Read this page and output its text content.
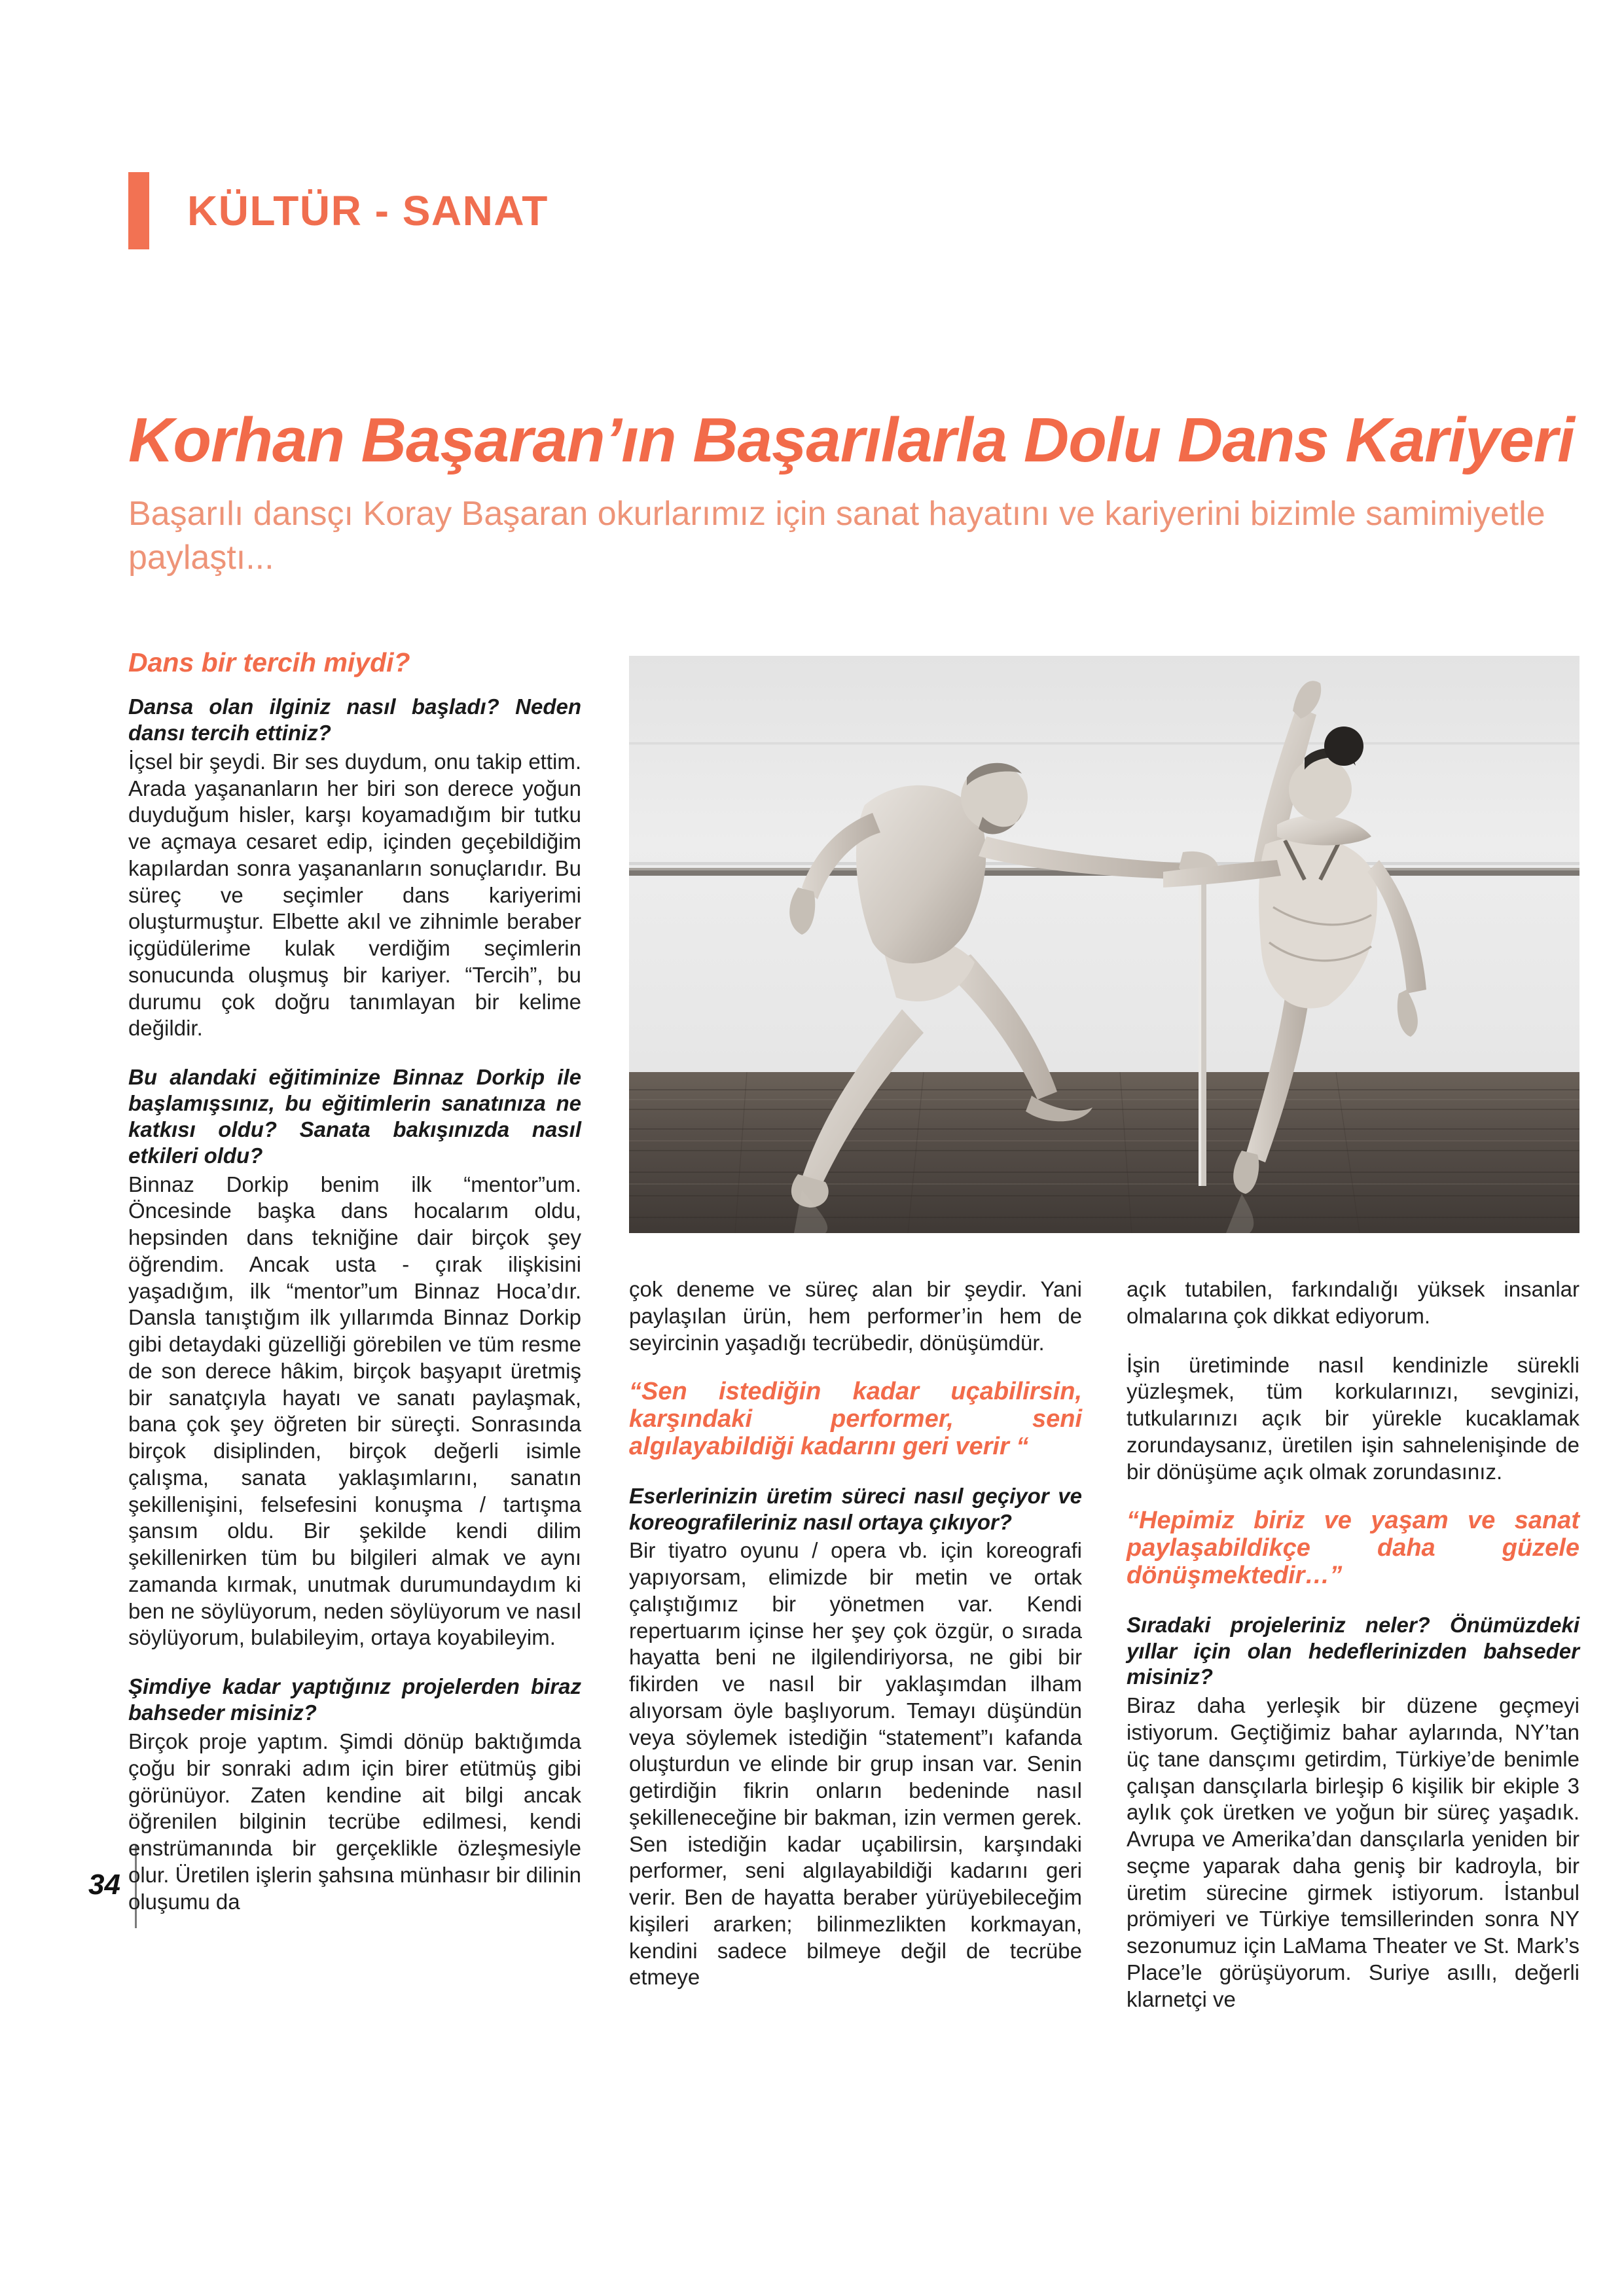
KÜLTÜR - SANAT
Korhan Başaran’ın Başarılarla Dolu Dans Kariyeri

Başarılı dansçı Koray Başaran okurlarımız için sanat hayatını ve kariyerini bizimle samimiyetle paylaştı...

34
Dans bir tercih miydi?

Dansa olan ilginiz nasıl başladı? Neden dansı tercih ettiniz?

İçsel bir şeydi. Bir ses duydum, onu takip ettim. Arada yaşananların her biri son derece yoğun duyduğum hisler, karşı koyamadığım bir tutku ve açmaya cesaret edip, içinden geçebildiğim kapılardan sonra yaşananların sonuçlarıdır. Bu süreç ve seçimler dans kariyerimi oluşturmuştur. Elbette akıl ve zihnimle beraber içgüdülerime kulak verdiğim seçimlerin sonucunda oluşmuş bir kariyer. “Tercih”, bu durumu çok doğru tanımlayan bir kelime değildir.

Bu alandaki eğitiminize Binnaz Dorkip ile başlamışsınız, bu eğitimlerin sanatınıza ne katkısı oldu? Sanata bakışınızda nasıl etkileri oldu?

Binnaz Dorkip benim ilk “mentor”um. Öncesinde başka dans hocalarım oldu, hepsinden dans tekniğine dair birçok şey öğrendim. Ancak usta - çırak ilişkisini yaşadığım, ilk “mentor”um Binnaz Hoca’dır. Dansla tanıştığım ilk yıllarımda Binnaz Dorkip gibi detaydaki güzelliği görebilen ve tüm resme de son derece hâkim, birçok başyapıt üretmiş bir sanatçıyla hayatı ve sanatı paylaşmak, bana çok şey öğreten bir süreçti. Sonrasında birçok disiplinden, birçok değerli isimle çalışma, sanata yaklaşımlarını, sanatın şekillenişini, felsefesini konuşma / tartışma şansım oldu. Bir şekilde kendi dilim şekillenirken tüm bu bilgileri almak ve aynı zamanda kırmak, unutmak durumundaydım ki ben ne söylüyorum, neden söylüyorum ve nasıl söylüyorum, bulabileyim, ortaya koyabileyim.

Şimdiye kadar yaptığınız projelerden biraz bahseder misiniz?

Birçok proje yaptım. Şimdi dönüp baktığımda çoğu bir sonraki adım için birer etütmüş gibi görünüyor. Zaten kendine ait bilgi ancak öğrenilen bilginin tecrübe edilmesi, kendi enstrümanında bir gerçeklikle özleşmesiyle olur. Üretilen işlerin şahsına münhasır bir dilinin oluşumu da

çok deneme ve süreç alan bir şeydir. Yani paylaşılan ürün, hem performer’in hem de seyircinin yaşadığı tecrübedir, dönüşümdür.

“Sen istediğin kadar uçabilirsin, karşındaki performer, seni algılayabildiği kadarını geri verir “

Eserlerinizin üretim süreci nasıl geçiyor ve koreografileriniz nasıl ortaya çıkıyor?

Bir tiyatro oyunu / opera vb. için koreografi yapıyorsam, elimizde bir metin ve ortak çalıştığımız bir yönetmen var. Kendi repertuarım içinse her şey çok özgür, o sırada hayatta beni ne ilgilendiriyorsa, ne gibi bir fikirden ve nasıl bir yaklaşımdan ilham alıyorsam öyle başlıyorum. Temayı düşündün veya söylemek istediğin “statement”ı kafanda oluşturdun ve elinde bir grup insan var. Senin getirdiğin fikrin onların bedeninde nasıl şekilleneceğine bir bakman, izin vermen gerek. Sen istediğin kadar uçabilirsin, karşındaki performer, seni algılayabildiği kadarını geri verir. Ben de hayatta beraber yürüyebileceğim kişileri ararken; bilinmezlikten korkmayan, kendini sadece bilmeye değil de tecrübe etmeye

açık tutabilen, farkındalığı yüksek insanlar olmalarına çok dikkat ediyorum.

İşin üretiminde nasıl kendinizle sürekli yüzleşmek, tüm korkularınızı, sevginizi, tutkularınızı açık bir yürekle kucaklamak zorundaysanız, üretilen işin sahnelenişinde de bir dönüşüme açık olmak zorundasınız.

“Hepimiz biriz ve yaşam ve sanat paylaşabildikçe daha güzele dönüşmektedir…”

Sıradaki projeleriniz neler? Önümüzdeki yıllar için olan hedeflerinizden bahseder misiniz?

Biraz daha yerleşik bir düzene geçmeyi istiyorum. Geçtiğimiz bahar aylarında, NY’tan üç tane dansçımı getirdim, Türkiye’de benimle çalışan dansçılarla birleşip 6 kişilik bir ekiple 3 aylık çok üretken ve yoğun bir süreç yaşadık. Avrupa ve Amerika’dan dansçılarla yeniden bir seçme yaparak daha geniş bir kadroyla, bir üretim sürecine girmek istiyorum. İstanbul prömiyeri ve Türkiye temsillerinden sonra NY sezonumuz için LaMama Theater ve St. Mark’s Place’le görüşüyorum. Suriye asıllı, değerli klarnetçi ve
